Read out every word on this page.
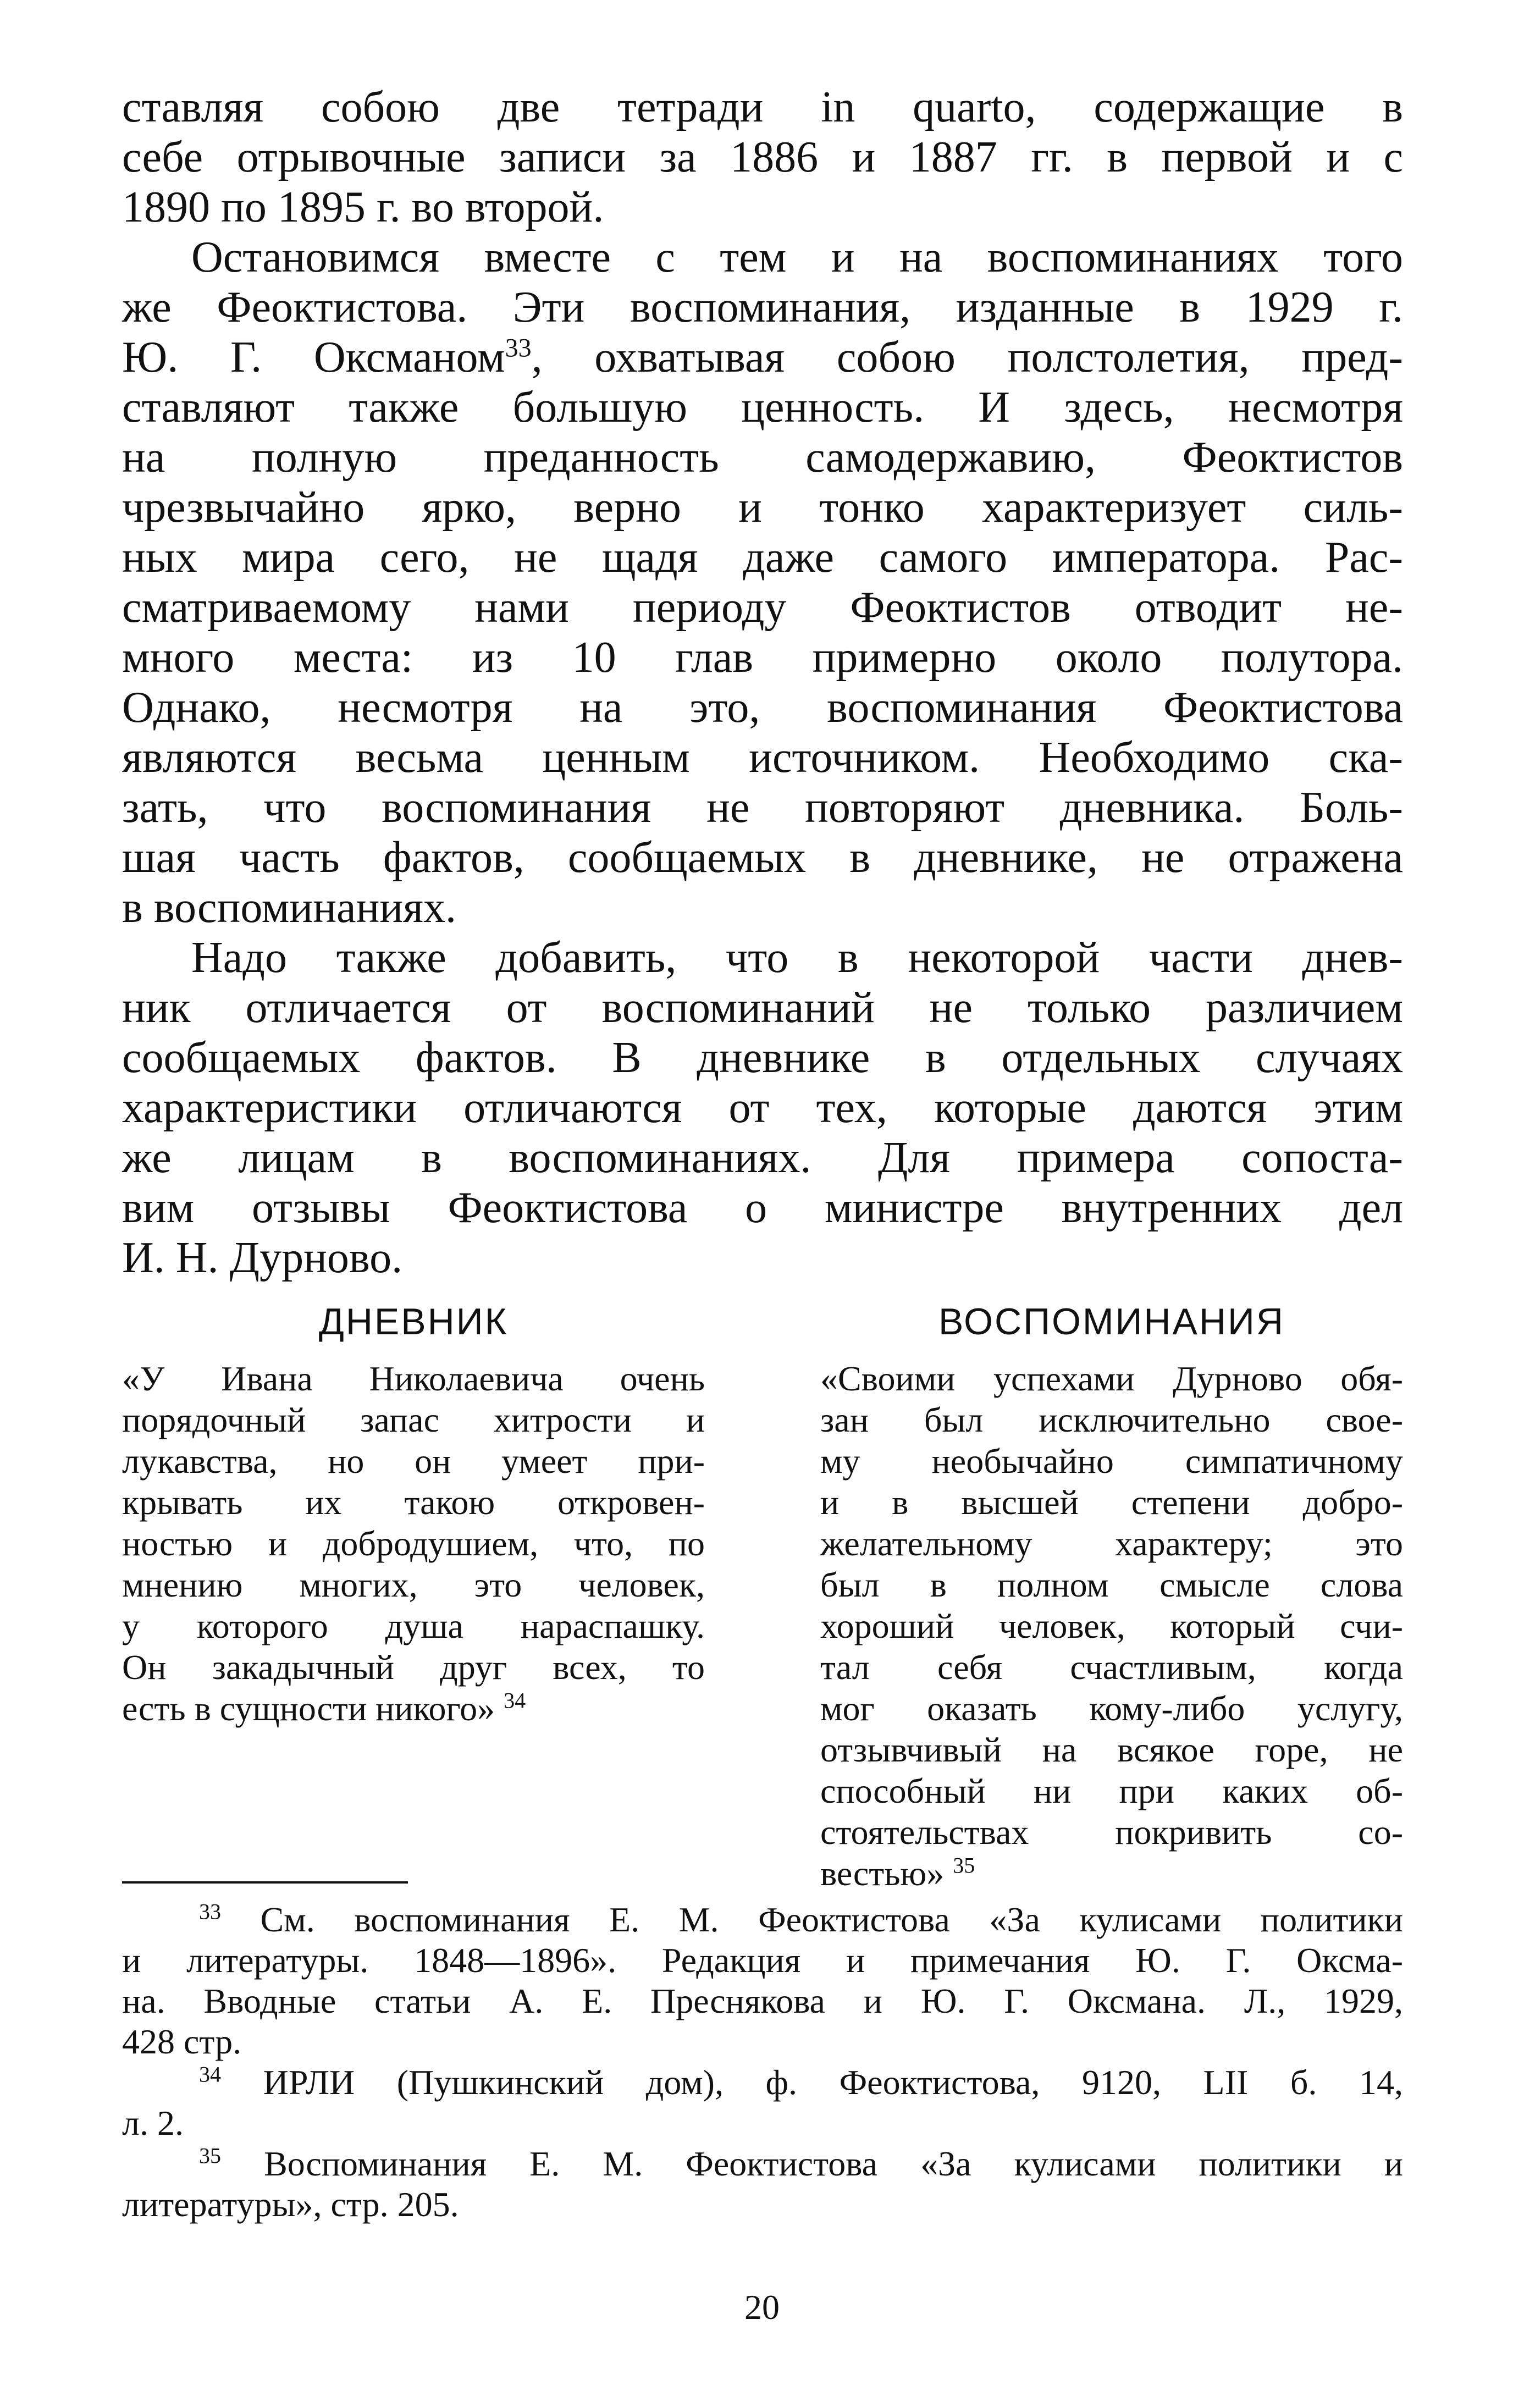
ставляя собою две тетради in quarto, содержащие в
себе отрывочные записи за 1886 и 1887 гг. в первой и с
1890 по 1895 г. во второй.

Остановимся вместе с тем и на воспоминаниях того
же Феоктистова. Эти воспоминания, изданные в 1929 г.
Ю. Г. Оксманом$^{33}$, охватывая собою полстолетия, пред-
ставляют также большую ценность. И здесь, несмотря
на полную преданность самодержавию, Феоктистов
чрезвычайно ярко, верно и тонко характеризует силь-
ных мира сего, не щадя даже самого императора. Рас-
сматриваемому нами периоду Феоктистов отводит не-
много места: из 10 глав примерно около полутора.
Однако, несмотря на это, воспоминания Феоктистова
являются весьма ценным источником. Необходимо ска-
зать, что воспоминания не повторяют дневника. Боль-
шая часть фактов, сообщаемых в дневнике, не отражена
в воспоминаниях.

Надо также добавить, что в некоторой части днев-
ник отличается от воспоминаний не только различием
сообщаемых фактов. В дневнике в отдельных случаях
характеристики отличаются от тех, которые даются этим
же лицам в воспоминаниях. Для примера сопоста-
вим отзывы Феоктистова о министре внутренних дел
И. Н. Дурново.

ДНЕВНИК
«У Ивана Николаевича очень
порядочный запас хитрости и
лукавства, но он умеет при-
крывать их такою откровен-
ностью и добродушием, что, по
мнению многих, это человек,
у которого душа нараспашку.
Он закадычный друг всех, то
есть в сущности никого» $^{34}$
ВОСПОМИНАНИЯ
«Своими успехами Дурново обя-
зан был исключительно свое-
му необычайно симпатичному
и в высшей степени добро-
желательному характеру; это
был в полном смысле слова
хороший человек, который счи-
тал себя счастливым, когда
мог оказать кому-либо услугу,
отзывчивый на всякое горе, не
способный ни при каких об-
стоятельствах покривить со-
вестью» $^{35}$
$^{33}$ См. воспоминания Е. М. Феоктистова «За кулисами политики
и литературы. 1848—1896». Редакция и примечания Ю. Г. Оксма-
на. Вводные статьи А. Е. Преснякова и Ю. Г. Оксмана. Л., 1929,
428 стр.
$^{34}$ ИРЛИ (Пушкинский дом), ф. Феоктистова, 9120, LII б. 14,
л. 2.
$^{35}$ Воспоминания Е. М. Феоктистова «За кулисами политики и
литературы», стр. 205.
20
